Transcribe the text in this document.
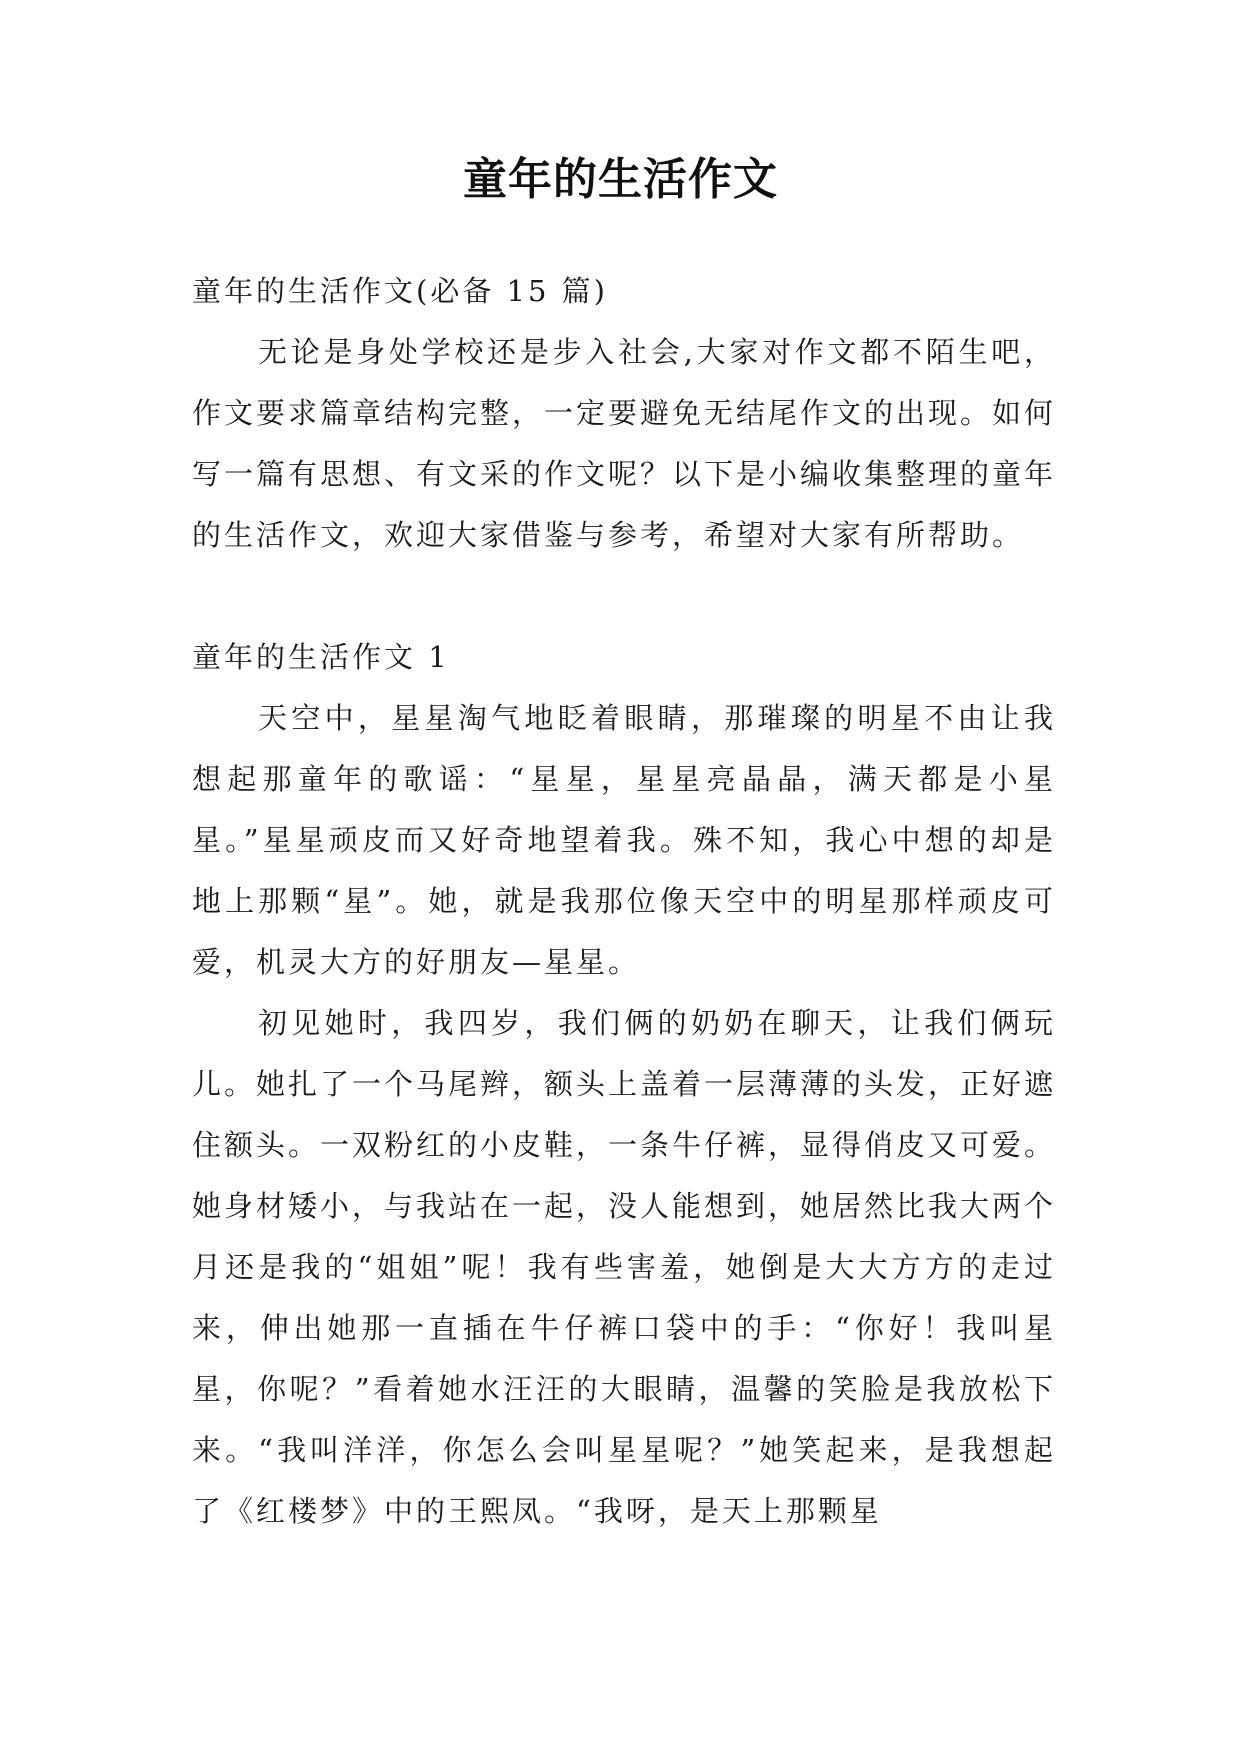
童年的生活作文

童年的生活作文(必备 15 篇)

无论是身处学校还是步入社会,大家对作文都不陌生吧，作文要求篇章结构完整，一定要避免无结尾作文的出现。如何写一篇有思想、有文采的作文呢？以下是小编收集整理的童年的生活作文，欢迎大家借鉴与参考，希望对大家有所帮助。

童年的生活作文 1

天空中，星星淘气地眨着眼睛，那璀璨的明星不由让我想起那童年的歌谣：“星星，星星亮晶晶，满天都是小星星。”星星顽皮而又好奇地望着我。殊不知，我心中想的却是地上那颗“星”。她，就是我那位像天空中的明星那样顽皮可爱，机灵大方的好朋友—星星。

初见她时，我四岁，我们俩的奶奶在聊天，让我们俩玩儿。她扎了一个马尾辫，额头上盖着一层薄薄的头发，正好遮住额头。一双粉红的小皮鞋，一条牛仔裤，显得俏皮又可爱。她身材矮小，与我站在一起，没人能想到，她居然比我大两个月还是我的“姐姐”呢！我有些害羞，她倒是大大方方的走过来，伸出她那一直插在牛仔裤口袋中的手：“你好！我叫星星，你呢？”看着她水汪汪的大眼睛，温馨的笑脸是我放松下来。“我叫洋洋，你怎么会叫星星呢？”她笑起来，是我想起了《红楼梦》中的王熙凤。“我呀，是天上那颗星
